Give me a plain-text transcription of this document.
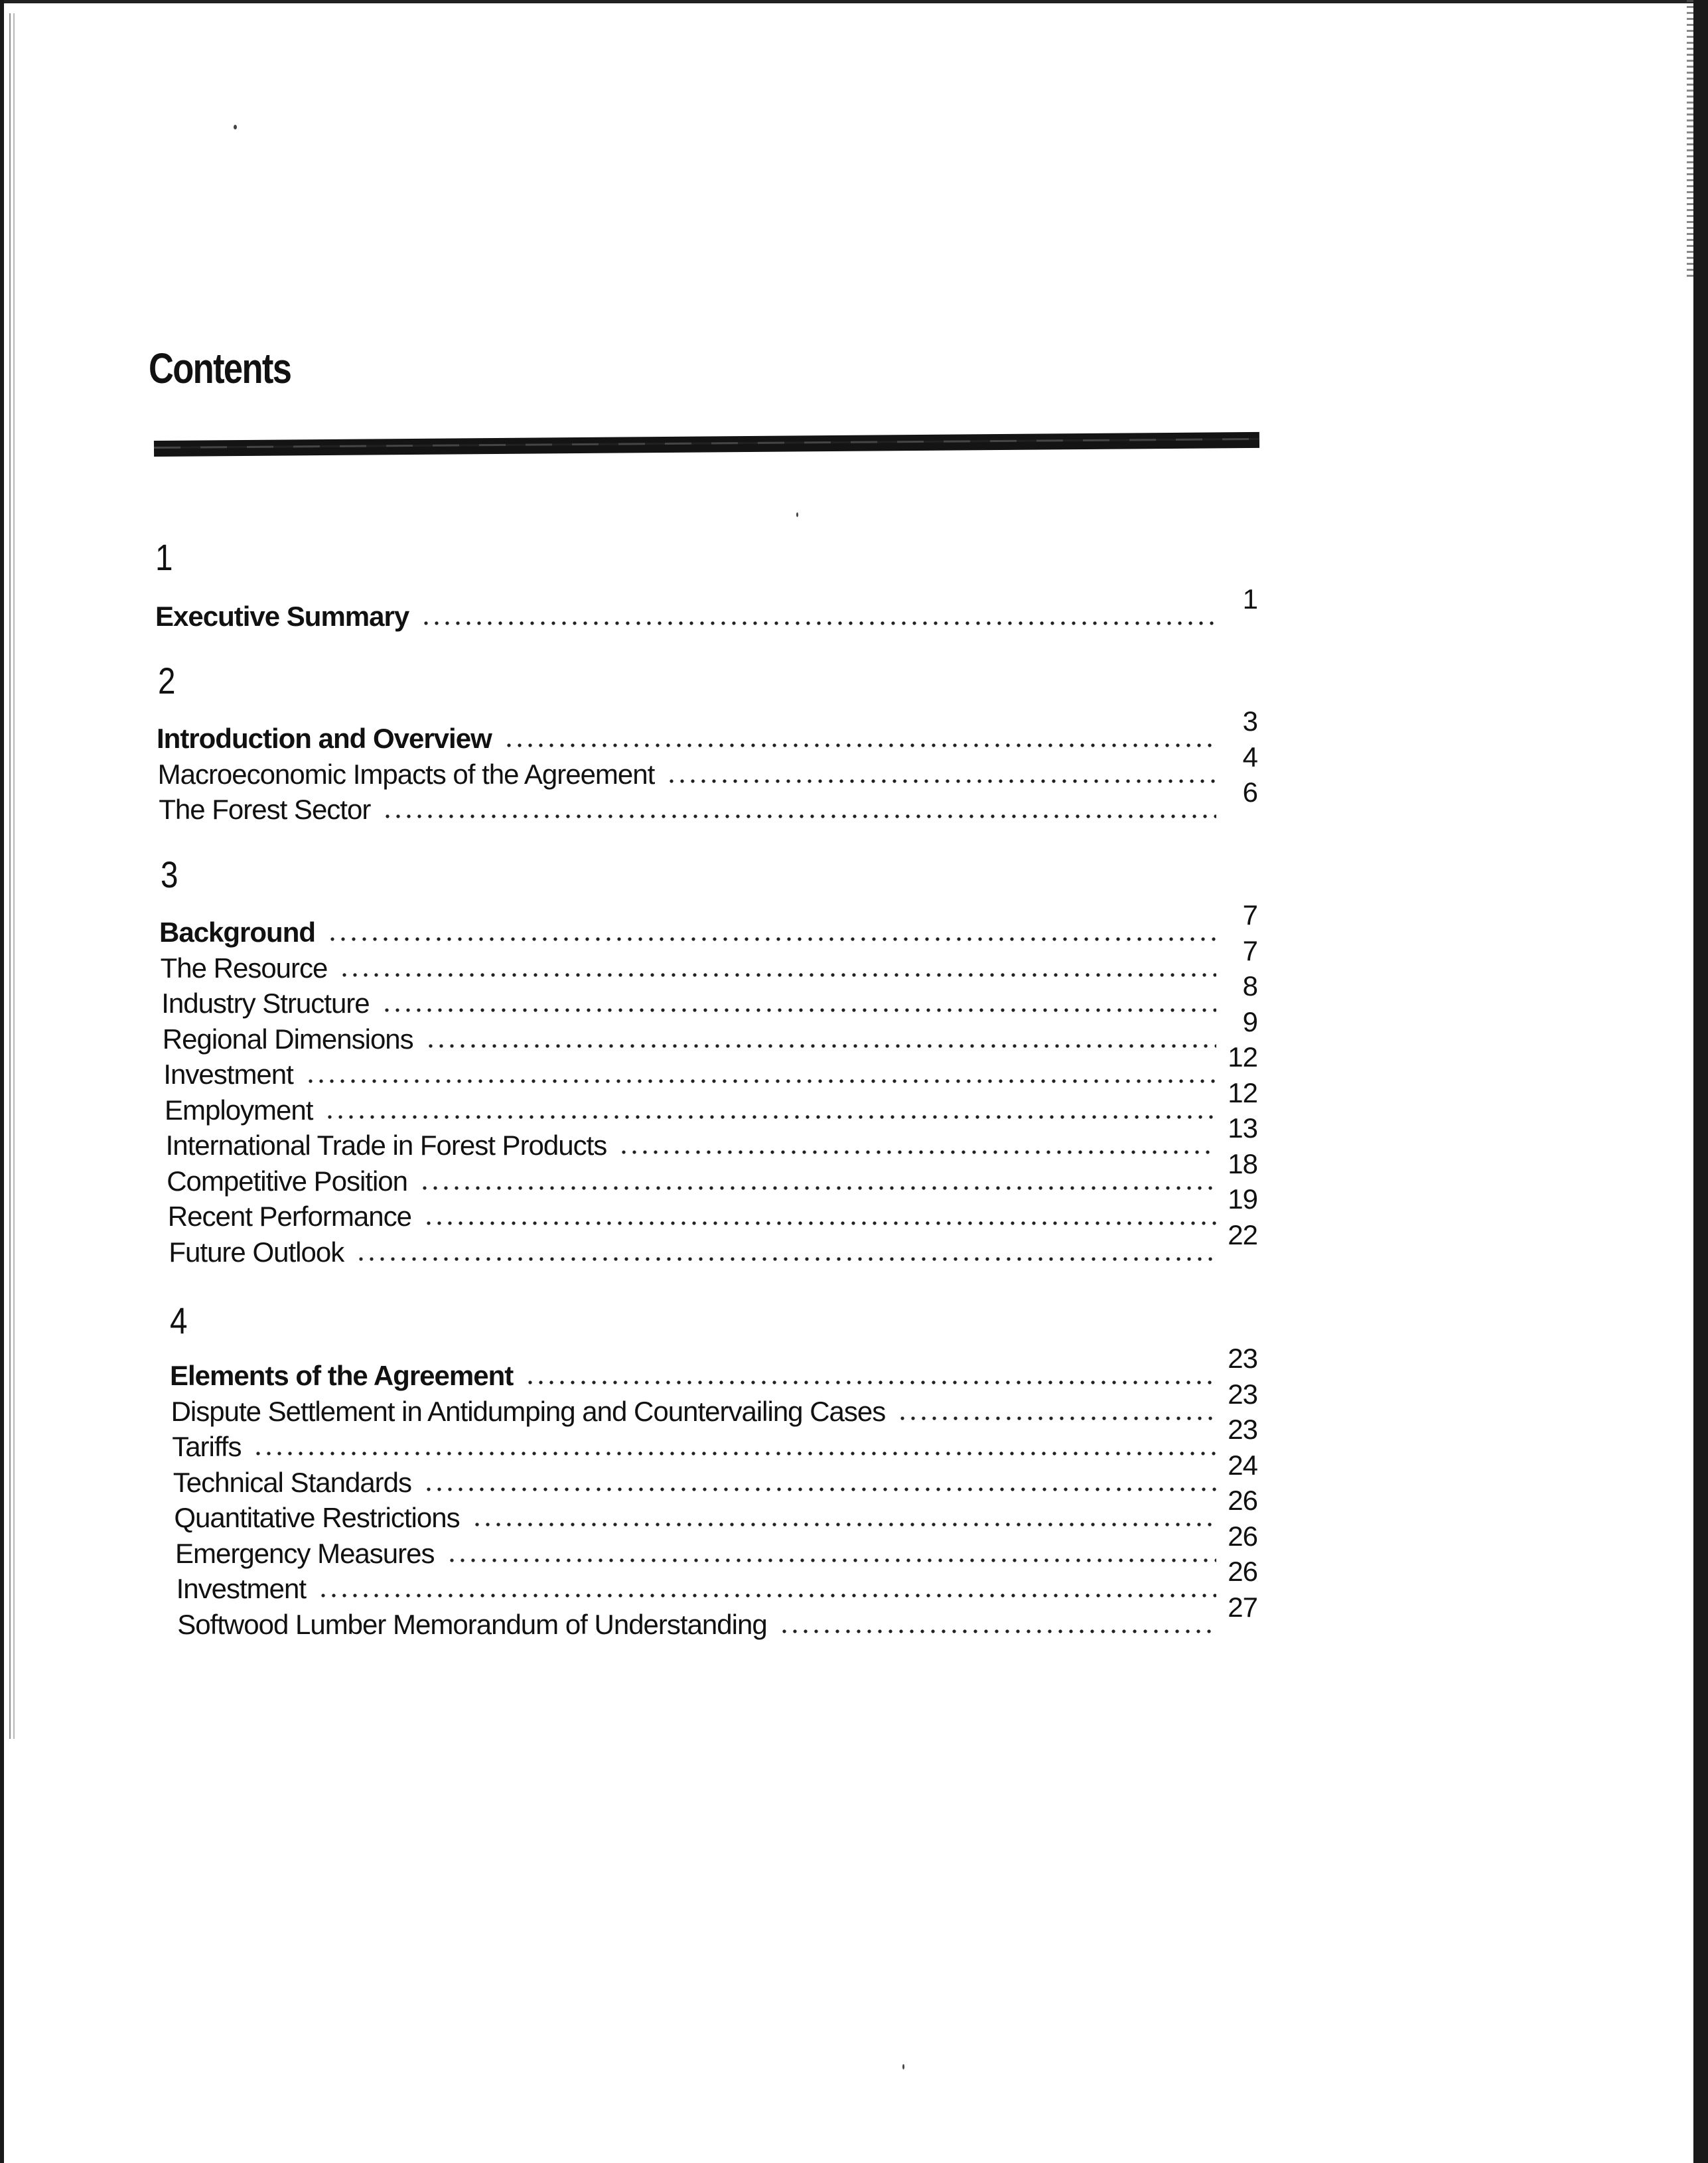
Contents
1
Executive Summary
1
2
Introduction and Overview
3
Macroeconomic Impacts of the Agreement
4
The Forest Sector
6
3
Background
7
The Resource
7
Industry Structure
8
Regional Dimensions
9
Investment
12
Employment
12
International Trade in Forest Products
13
Competitive Position
18
Recent Performance
19
Future Outlook
22
4
Elements of the Agreement
23
Dispute Settlement in Antidumping and Countervailing Cases
23
Tariffs
23
Technical Standards
24
Quantitative Restrictions
26
Emergency Measures
26
Investment
26
Softwood Lumber Memorandum of Understanding
27
